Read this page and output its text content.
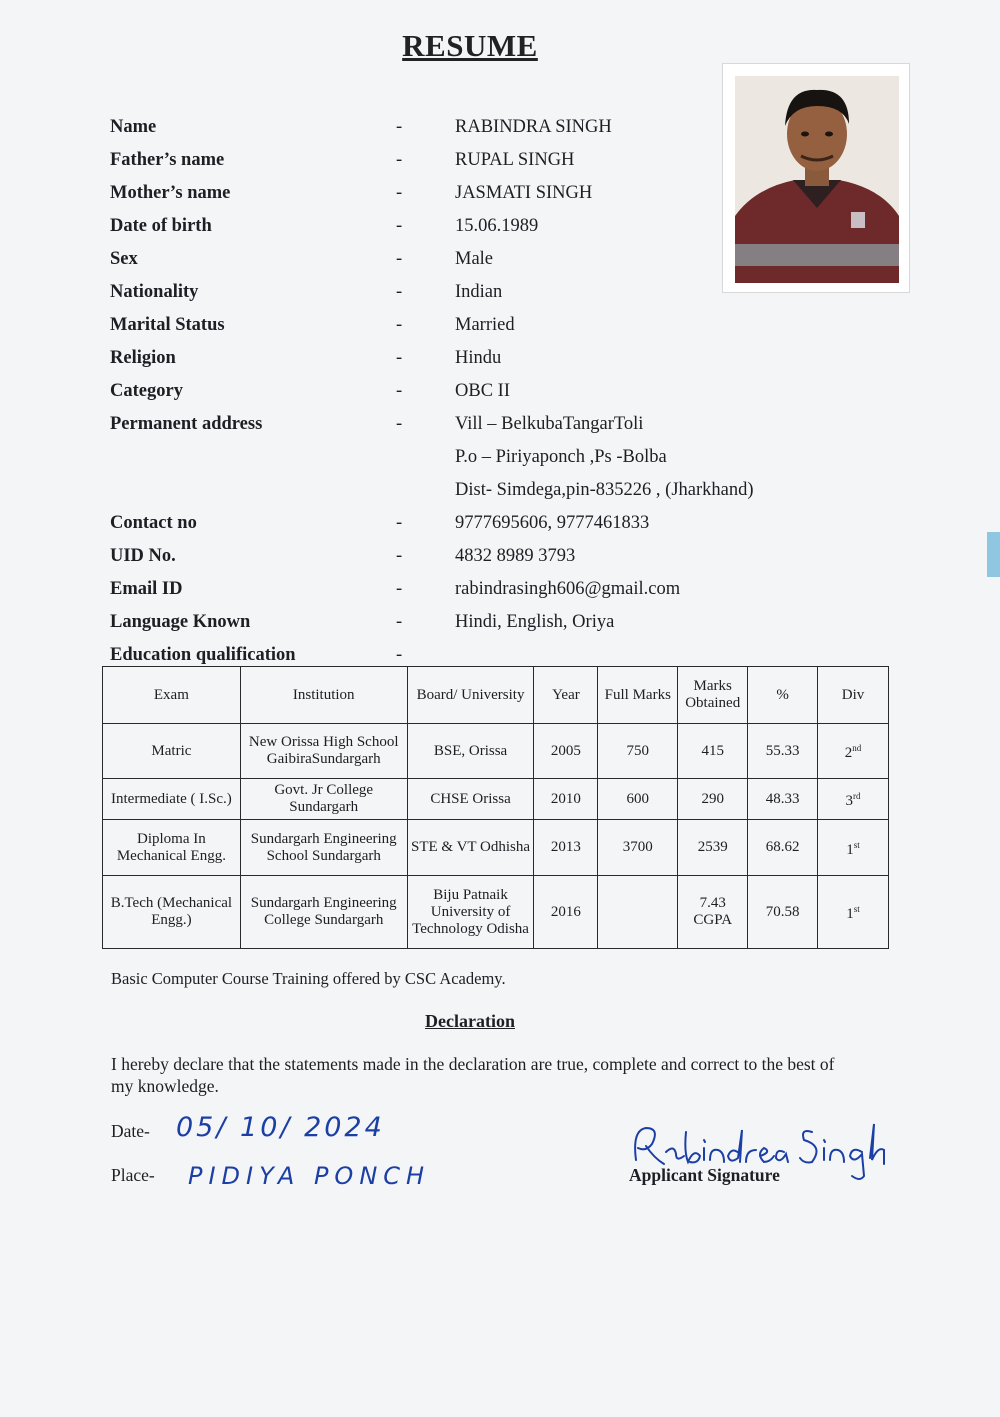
RESUME
Name	-	RABINDRA SINGH
Father’s name	-	RUPAL SINGH
Mother’s name	-	JASMATI SINGH
Date of birth	-	15.06.1989
Sex	-	Male
Nationality	-	Indian
Marital Status	-	Married
Religion	-	Hindu
Category	-	OBC II
Permanent address	-	Vill – BelkubaTangarToli
P.o – Piriyaponch ,Ps -Bolba
Dist- Simdega,pin-835226 , (Jharkhand)
Contact no	-	9777695606, 9777461833
UID No.	-	4832 8989 3793
Email ID	-	rabindrasingh606@gmail.com
Language Known	-	Hindi, English, Oriya
Education qualification	-
Exam	Institution	Board/ University	Year	Full Marks	Marks Obtained	%	Div
Matric	New Orissa High School GaibiraSundargarh	BSE, Orissa	2005	750	415	55.33	2nd
Intermediate ( I.Sc.)	Govt. Jr College Sundargarh	CHSE Orissa	2010	600	290	48.33	3rd
Diploma In Mechanical Engg.	Sundargarh Engineering School Sundargarh	STE & VT Odhisha	2013	3700	2539	68.62	1st
B.Tech (Mechanical Engg.)	Sundargarh Engineering College Sundargarh	Biju Patnaik University of Technology Odisha	2016		7.43 CGPA	70.58	1st
Basic Computer Course Training offered by CSC Academy.
Declaration
I hereby declare that the statements made in the declaration are true, complete and correct to the best of my knowledge.
Date- 05/ 10/ 2024
Place- PIDIYA PONCH	Applicant Signature
